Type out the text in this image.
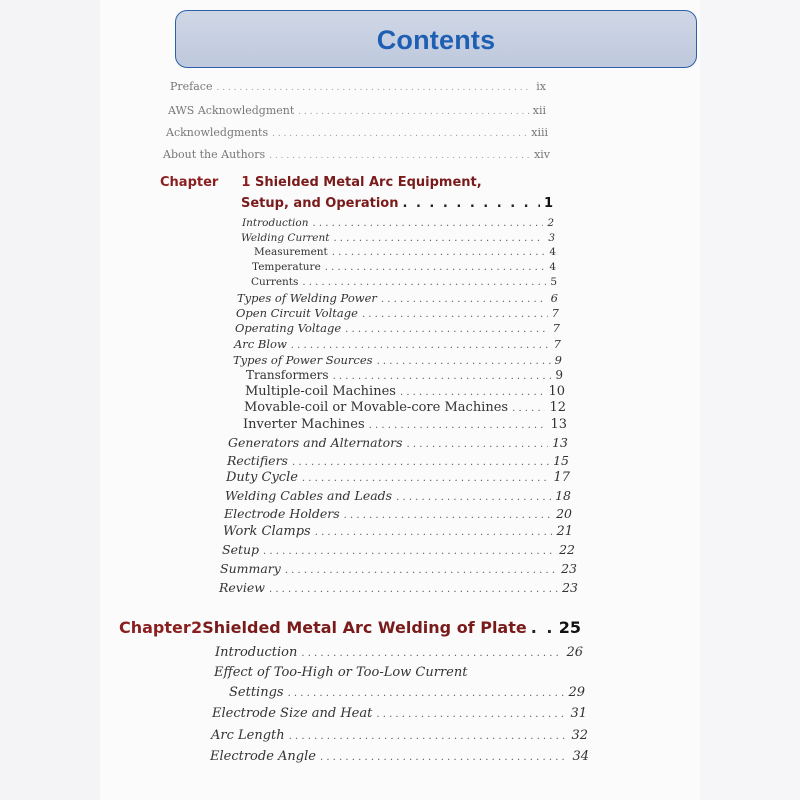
Contents
Preface . . .	ix
AWS Acknowledgment . . .	xii
Acknowledgments . . .	xiii
About the Authors . . .	xiv
Chapter 1 Shielded Metal Arc Equipment,
Setup, and Operation . . .	1
Introduction . . .	2
Welding Current . . .	3
Measurement . . .	4
Temperature . . .	4
Currents . . .	5
Types of Welding Power . . .	6
Open Circuit Voltage . . .	7
Operating Voltage . . .	7
Arc Blow . . .	7
Types of Power Sources . . .	9
Transformers . . .	9
Multiple-coil Machines . . .	10
Movable-coil or Movable-core Machines . . .	12
Inverter Machines . . .	13
Generators and Alternators . . .	13
Rectifiers . . .	15
Duty Cycle . . .	17
Welding Cables and Leads . . .	18
Electrode Holders . . .	20
Work Clamps . . .	21
Setup . . .	22
Summary . . .	23
Review . . .	23
Chapter 2 Shielded Metal Arc Welding of Plate . . . 25
Introduction . . .	26
Effect of Too-High or Too-Low Current
Settings . . .	29
Electrode Size and Heat . . .	31
Arc Length . . .	32
Electrode Angle . . .	34
